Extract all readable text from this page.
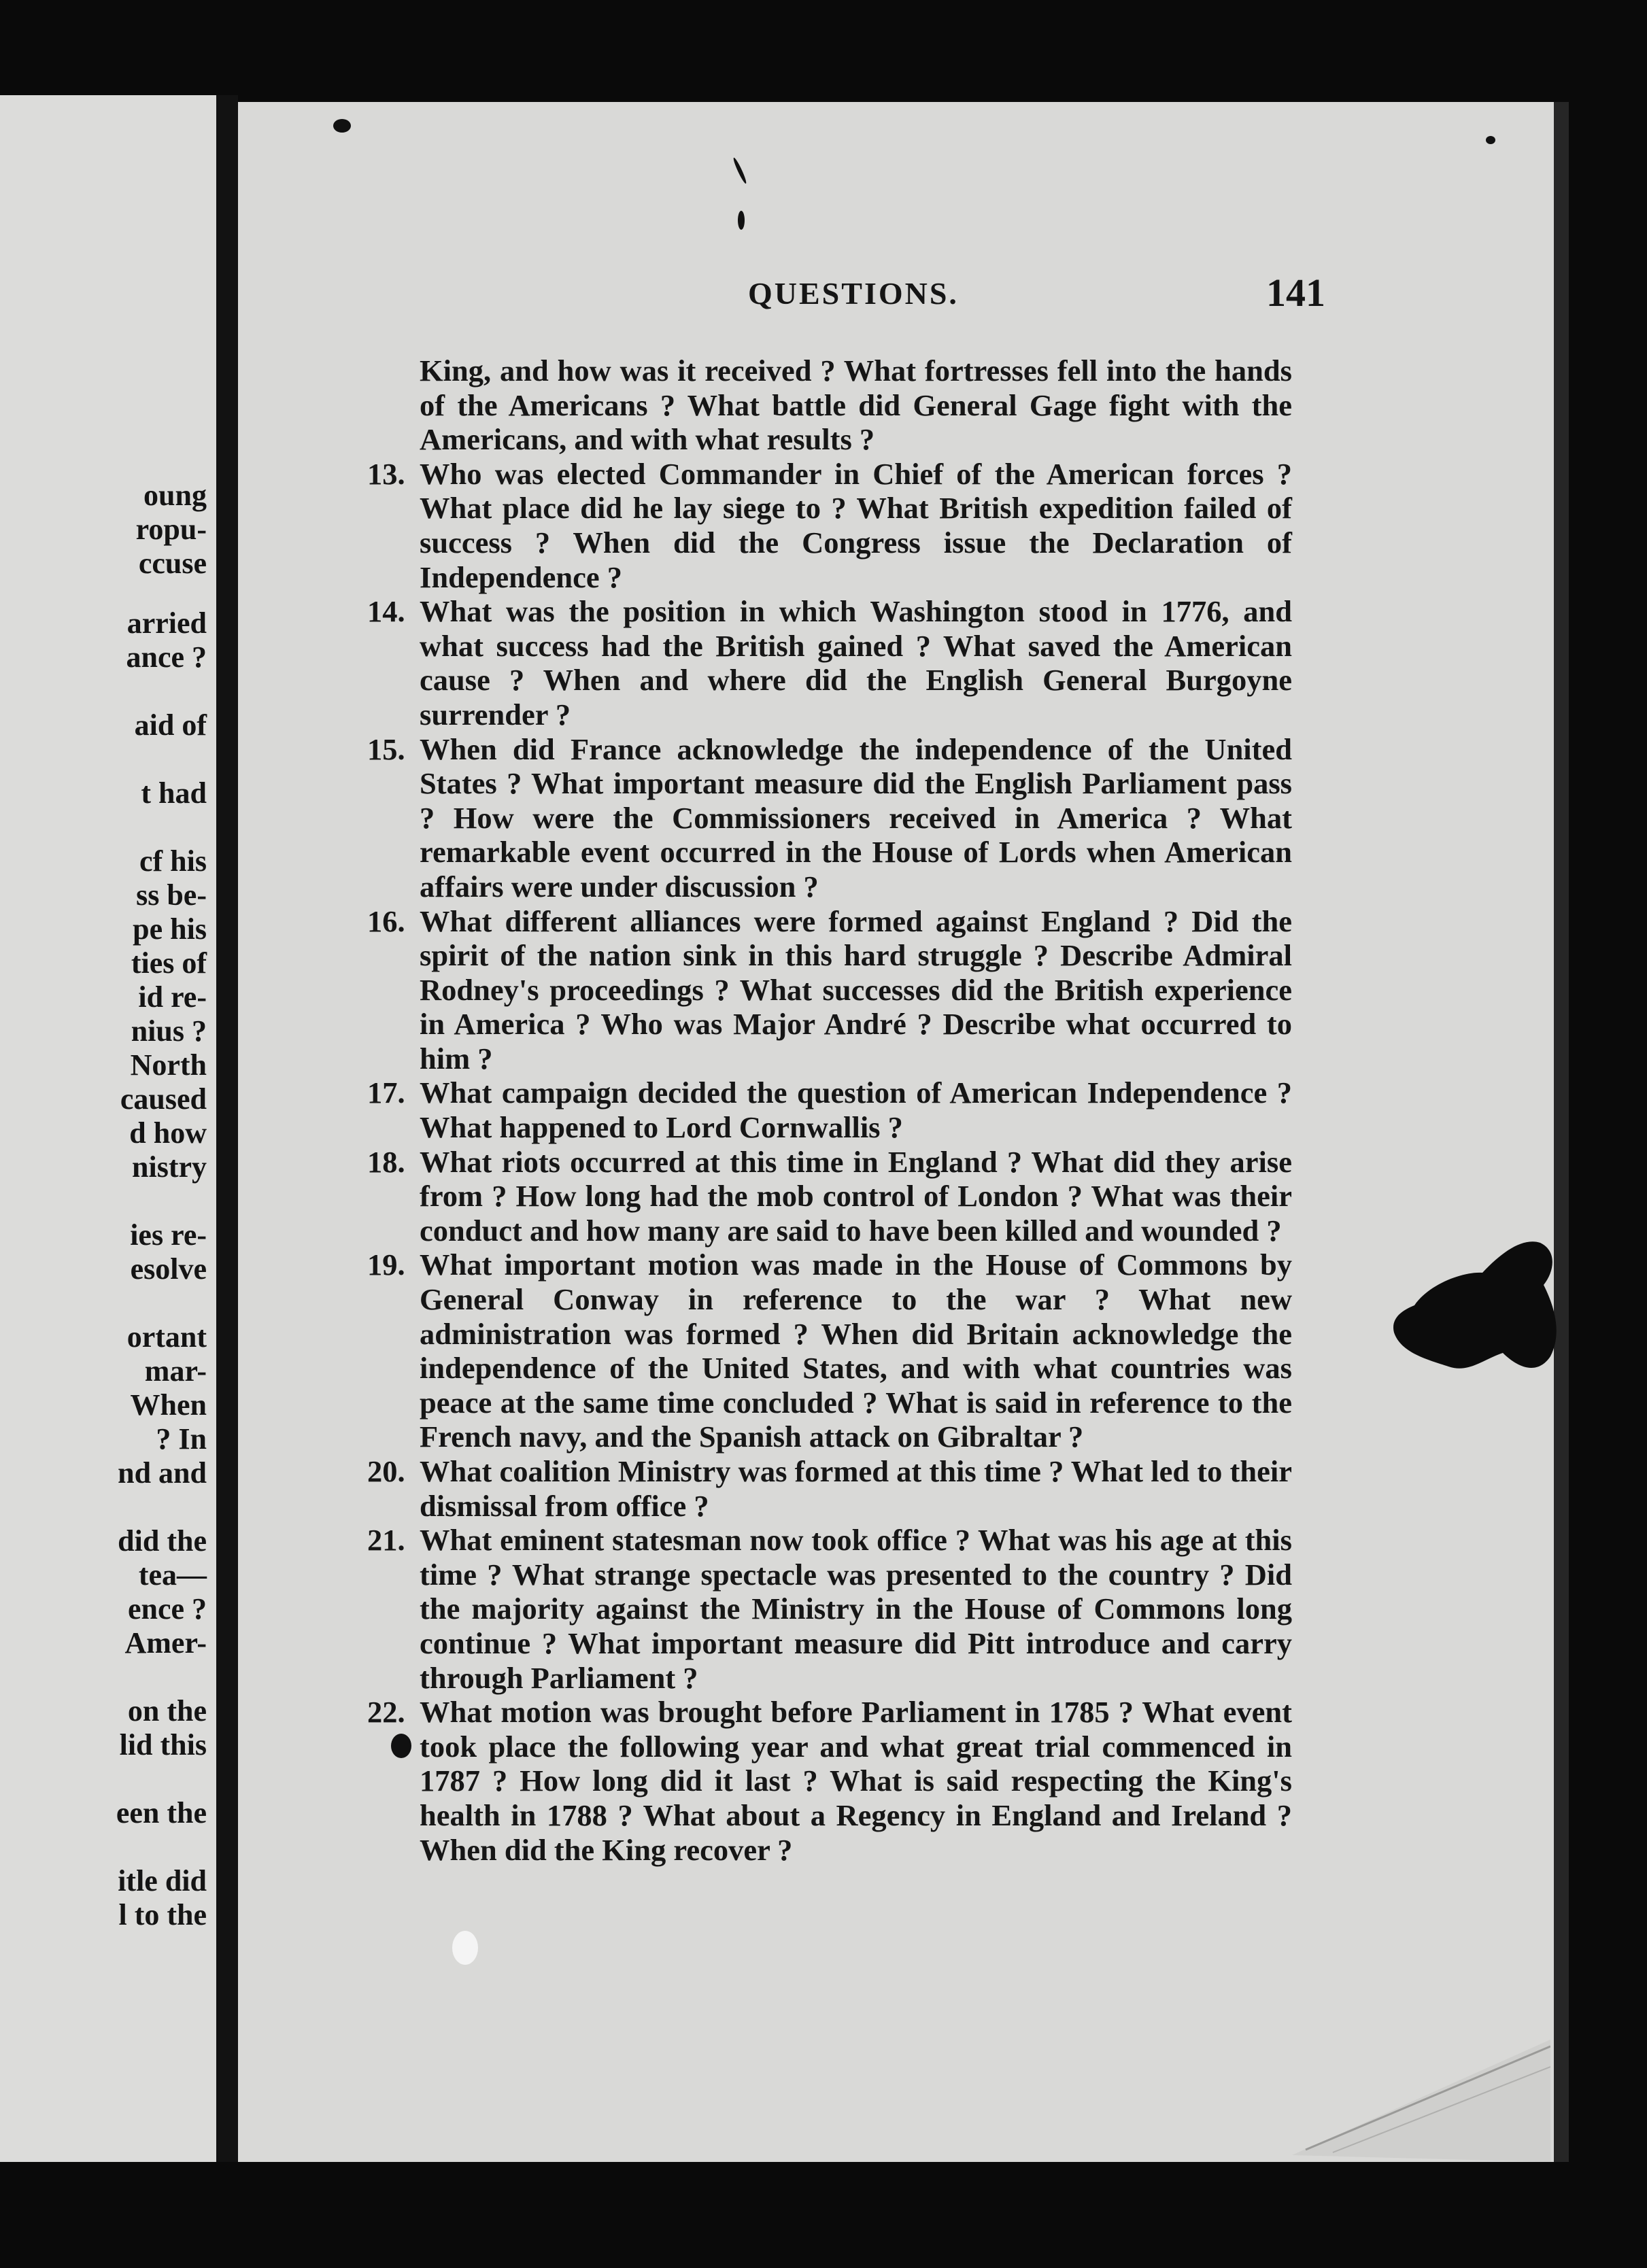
oung
ropu-
ccuse
arried
ance ?
aid of
t had
cf his
ss be-
pe his
ties of
id re-
nius ?
North
caused
d how
nistry
ies re-
esolve
ortant
mar-
When
? In
nd and
did the
tea—
ence ?
Amer-
on the
lid this
een the
itle did
l to the
QUESTIONS.	141
King, and how was it received ? What fortresses fell into the hands of the Americans ? What battle did General Gage fight with the Americans, and with what results ?
13. Who was elected Commander in Chief of the American forces ? What place did he lay siege to ? What British expedition failed of success ? When did the Congress issue the Declaration of Independence ?
14. What was the position in which Washington stood in 1776, and what success had the British gained ? What saved the American cause ? When and where did the English General Burgoyne surrender ?
15. When did France acknowledge the independence of the United States ? What important measure did the English Parliament pass ? How were the Commissioners received in America ? What remarkable event occurred in the House of Lords when American affairs were under discussion ?
16. What different alliances were formed against England ? Did the spirit of the nation sink in this hard struggle ? Describe Admiral Rodney's proceedings ? What successes did the British experience in America ? Who was Major André ? Describe what occurred to him ?
17. What campaign decided the question of American Independence ? What happened to Lord Cornwallis ?
18. What riots occurred at this time in England ? What did they arise from ? How long had the mob control of London ? What was their conduct and how many are said to have been killed and wounded ?
19. What important motion was made in the House of Commons by General Conway in reference to the war ? What new administration was formed ? When did Britain acknowledge the independence of the United States, and with what countries was peace at the same time concluded ? What is said in reference to the French navy, and the Spanish attack on Gibraltar ?
20. What coalition Ministry was formed at this time ? What led to their dismissal from office ?
21. What eminent statesman now took office ? What was his age at this time ? What strange spectacle was presented to the country ? Did the majority against the Ministry in the House of Commons long continue ? What important measure did Pitt introduce and carry through Parliament ?
22. What motion was brought before Parliament in 1785 ? What event took place the following year and what great trial commenced in 1787 ? How long did it last ? What is said respecting the King's health in 1788 ? What about a Regency in England and Ireland ? When did the King recover ?
